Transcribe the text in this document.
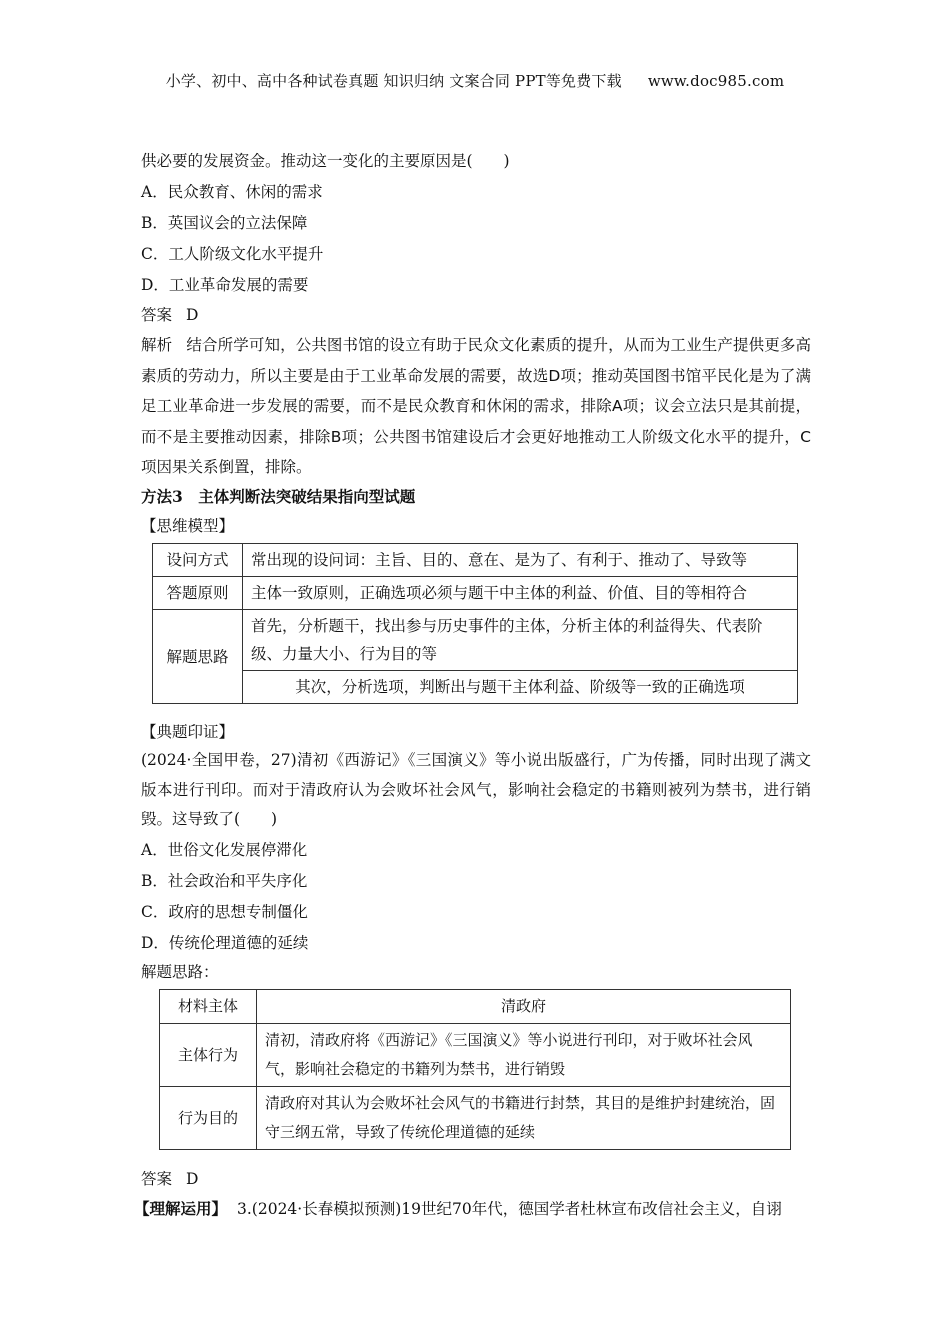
小学、初中、高中各种试卷真题 知识归纳 文案合同 PPT等免费下载 www.doc985.com
供必要的发展资金。推动这一变化的主要原因是(　　)
A．民众教育、休闲的需求
B．英国议会的立法保障
C．工人阶级文化水平提升
D．工业革命发展的需要
答案 D
解析 结合所学可知，公共图书馆的设立有助于民众文化素质的提升，从而为工业生产提供更多高素质的劳动力，所以主要是由于工业革命发展的需要，故选D项；推动英国图书馆平民化是为了满足工业革命进一步发展的需要，而不是民众教育和休闲的需求，排除A项；议会立法只是其前提，而不是主要推动因素，排除B项；公共图书馆建设后才会更好地推动工人阶级文化水平的提升，C项因果关系倒置，排除。
方法3　主体判断法突破结果指向型试题
【思维模型】
设问方式	常出现的设问词：主旨、目的、意在、是为了、有利于、推动了、导致等
答题原则	主体一致原则，正确选项必须与题干中主体的利益、价值、目的等相符合
解题思路	首先，分析题干，找出参与历史事件的主体，分析主体的利益得失、代表阶级、力量大小、行为目的等
	其次，分析选项，判断出与题干主体利益、阶级等一致的正确选项
【典题印证】
(2024·全国甲卷，27)清初《西游记》《三国演义》等小说出版盛行，广为传播，同时出现了满文版本进行刊印。而对于清政府认为会败坏社会风气，影响社会稳定的书籍则被列为禁书，进行销毁。这导致了(　　)
A．世俗文化发展停滞化
B．社会政治和平失序化
C．政府的思想专制僵化
D．传统伦理道德的延续
解题思路：
材料主体	清政府
主体行为	清初，清政府将《西游记》《三国演义》等小说进行刊印，对于败坏社会风气，影响社会稳定的书籍列为禁书，进行销毁
行为目的	清政府对其认为会败坏社会风气的书籍进行封禁，其目的是维护封建统治，固守三纲五常，导致了传统伦理道德的延续
答案 D
【理解运用】 3.(2024·长春模拟预测)19世纪70年代，德国学者杜林宣布改信社会主义，自诩
